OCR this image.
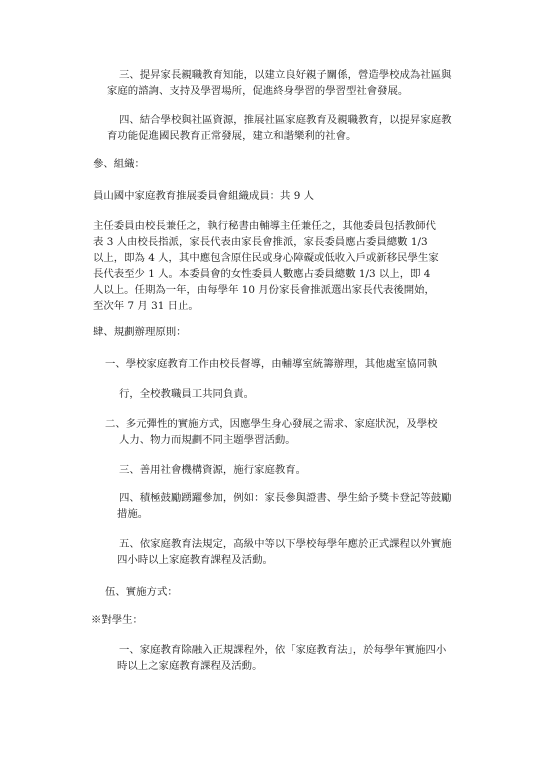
三、提昇家長親職教育知能，以建立良好親子關係，營造學校成為社區與
家庭的諮詢、支持及學習場所，促進終身學習的學習型社會發展。
四、結合學校與社區資源，推展社區家庭教育及親職教育，以提昇家庭教
育功能促進國民教育正常發展，建立和諧樂利的社會。
參、組織：
員山國中家庭教育推展委員會組織成員：共 9 人
主任委員由校長兼任之，執行秘書由輔導主任兼任之，其他委員包括教師代
表 3 人由校長指派，家長代表由家長會推派，家長委員應占委員總數 1/3
以上，即為 4 人，其中應包含原住民或身心障礙或低收入戶或新移民學生家
長代表至少 1 人。本委員會的女性委員人數應占委員總數 1/3 以上，即 4
人以上。任期為一年，由每學年 10 月份家長會推派選出家長代表後開始，
至次年 7 月 31 日止。
肆、規劃辦理原則：
一、學校家庭教育工作由校長督導，由輔導室統籌辦理，其他處室協同執
行，全校教職員工共同負責。
二、多元彈性的實施方式，因應學生身心發展之需求、家庭狀況，及學校
人力、物力而規劃不同主題學習活動。
三、善用社會機構資源，施行家庭教育。
四、積極鼓勵踴躍參加，例如：家長參與證書、學生給予獎卡登記等鼓勵
措施。
五、依家庭教育法規定，高級中等以下學校每學年應於正式課程以外實施
四小時以上家庭教育課程及活動。
伍、實施方式：
※對學生：
一、家庭教育除融入正規課程外，依「家庭教育法」，於每學年實施四小
時以上之家庭教育課程及活動。
